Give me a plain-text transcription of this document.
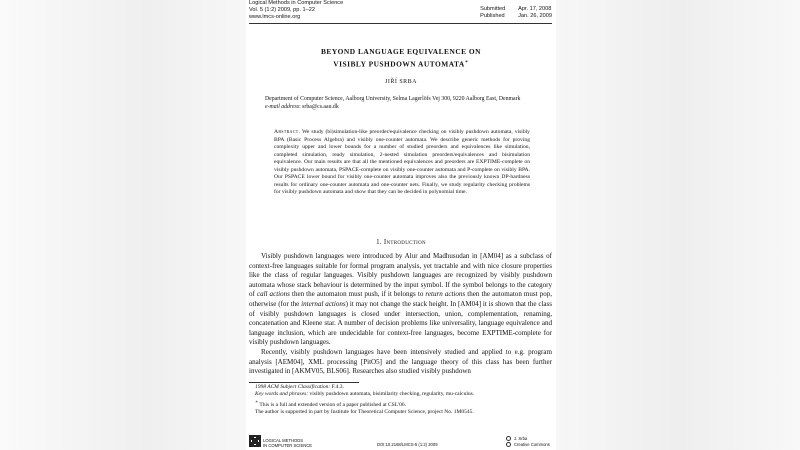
Logical Methods in Computer Science
Vol. 5 (1:2) 2009, pp. 1–22
www.lmcs-online.org
Submitted	Apr. 17, 2008
Published	Jan. 26, 2009
BEYOND LANGUAGE EQUIVALENCE ON
VISIBLY PUSHDOWN AUTOMATA∗
JIŘÍ SRBA
Department of Computer Science, Aalborg University, Selma Lagerlöfs Vej 300, 9220 Aalborg East, Denmark
e-mail address: srba@cs.aau.dk
Abstract. We study (bi)simulation-like preorder/equivalence checking on visibly pushdown automata, visibly BPA (Basic Process Algebra) and visibly one-counter automata. We describe generic methods for proving complexity upper and lower bounds for a number of studied preorders and equivalences like simulation, completed simulation, ready simulation, 2-nested simulation preorders/equivalences and bisimulation equivalence. Our main results are that all the mentioned equivalences and preorders are EXPTIME-complete on visibly pushdown automata, PSPACE-complete on visibly one-counter automata and P-complete on visibly BPA. Our PSPACE lower bound for visibly one-counter automata improves also the previously known DP-hardness results for ordinary one-counter automata and one-counter nets. Finally, we study regularity checking problems for visibly pushdown automata and show that they can be decided in polynomial time.
1. Introduction

Visibly pushdown languages were introduced by Alur and Madhusudan in [AM04] as a subclass of context-free languages suitable for formal program analysis, yet tractable and with nice closure properties like the class of regular languages. Visibly pushdown languages are recognized by visibly pushdown automata whose stack behaviour is determined by the input symbol. If the symbol belongs to the category of call actions then the automaton must push, if it belongs to return actions then the automaton must pop, otherwise (for the internal actions) it may not change the stack height. In [AM04] it is shown that the class of visibly pushdown languages is closed under intersection, union, complementation, renaming, concatenation and Kleene star. A number of decision problems like universality, language equivalence and language inclusion, which are undecidable for context-free languages, become EXPTIME-complete for visibly pushdown languages.

Recently, visibly pushdown languages have been intensively studied and applied to e.g. program analysis [AEM04], XML processing [PitO5] and the language theory of this class has been further investigated in [AKMV05, BLS06]. Researches also studied visibly pushdown

1998 ACM Subject Classification: F.4.3.
Key words and phrases: visibly pushdown automata, bisimilarity checking, regularity, mu-calculus.
∗ This is a full and extended version of a paper published at CSL'06.
The author is supported in part by Institute for Theoretical Computer Science, project No. 1M0545.
LOGICAL METHODS
IN COMPUTER SCIENCE	DOI:10.2168/LMCS-5 (1:2) 2009
J. Srba
Creative Commons
